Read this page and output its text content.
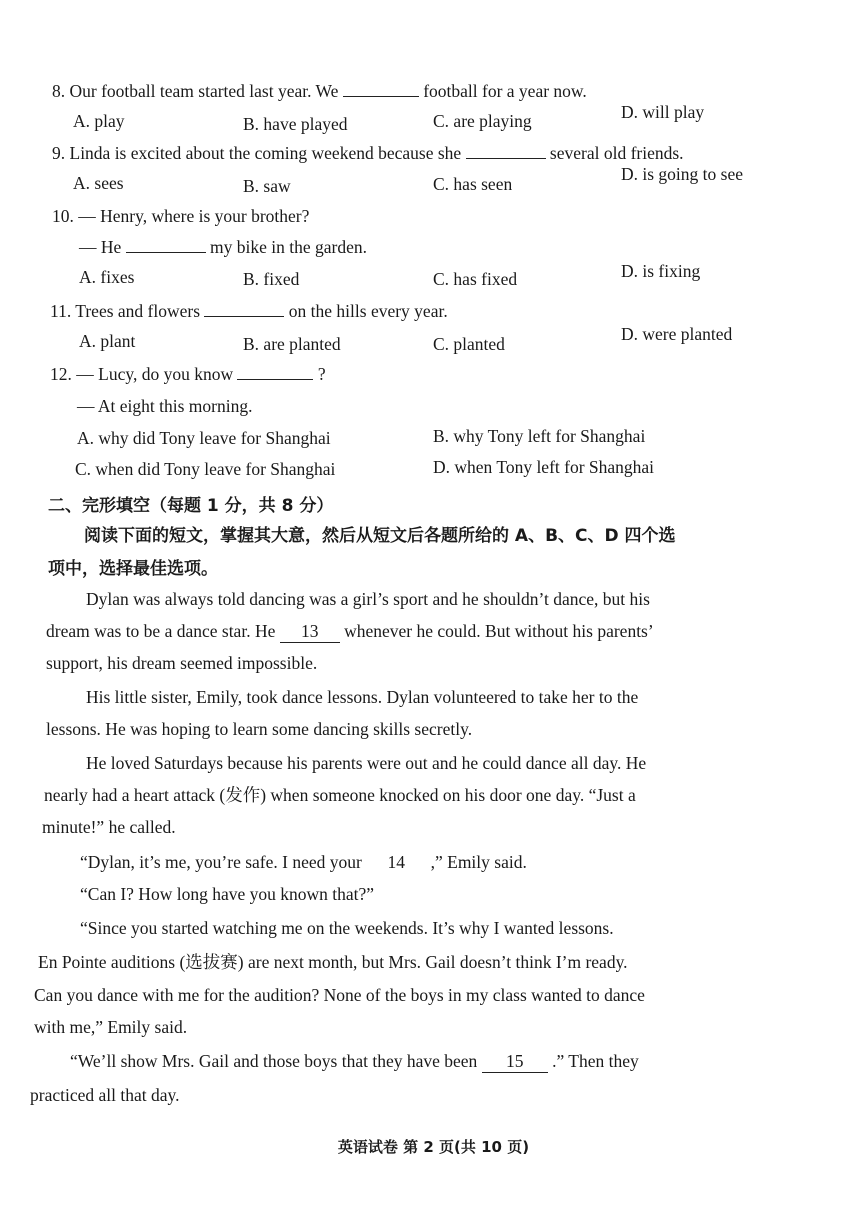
8. Our football team started last year. We	football for a year now.
A. play	B. have played	C. are playing	D. will play
9. Linda is excited about the coming weekend because she	several old friends.
A. sees	B. saw	C. has seen	D. is going to see
10. — Henry, where is your brother?
— He	my bike in the garden.
A. fixes	B. fixed	C. has fixed	D. is fixing
11. Trees and flowers	on the hills every year.
A. plant	B. are planted	C. planted	D. were planted
12. — Lucy, do you know	?
— At eight this morning.
A. why did Tony leave for Shanghai	B. why Tony left for Shanghai
C. when did Tony leave for Shanghai	D. when Tony left for Shanghai
二、完形填空（每题 1 分，共 8 分）
阅读下面的短文，掌握其大意，然后从短文后各题所给的 A、B、C、D 四个选
项中，选择最佳选项。
Dylan was always told dancing was a girl’s sport and he shouldn’t dance, but his
dream was to be a dance star. He 13 whenever he could. But without his parents’
support, his dream seemed impossible.
His little sister, Emily, took dance lessons. Dylan volunteered to take her to the
lessons. He was hoping to learn some dancing skills secretly.
He loved Saturdays because his parents were out and he could dance all day. He
nearly had a heart attack (发作) when someone knocked on his door one day. “Just a
minute!” he called.
“Dylan, it’s me, you’re safe. I need your 14 ,” Emily said.
“Can I? How long have you known that?”
“Since you started watching me on the weekends. It’s why I wanted lessons.
En Pointe auditions (选拔赛) are next month, but Mrs. Gail doesn’t think I’m ready.
Can you dance with me for the audition? None of the boys in my class wanted to dance
with me,” Emily said.
“We’ll show Mrs. Gail and those boys that they have been 15 .” Then they
practiced all that day.
英语试卷 第 2 页(共 10 页)
